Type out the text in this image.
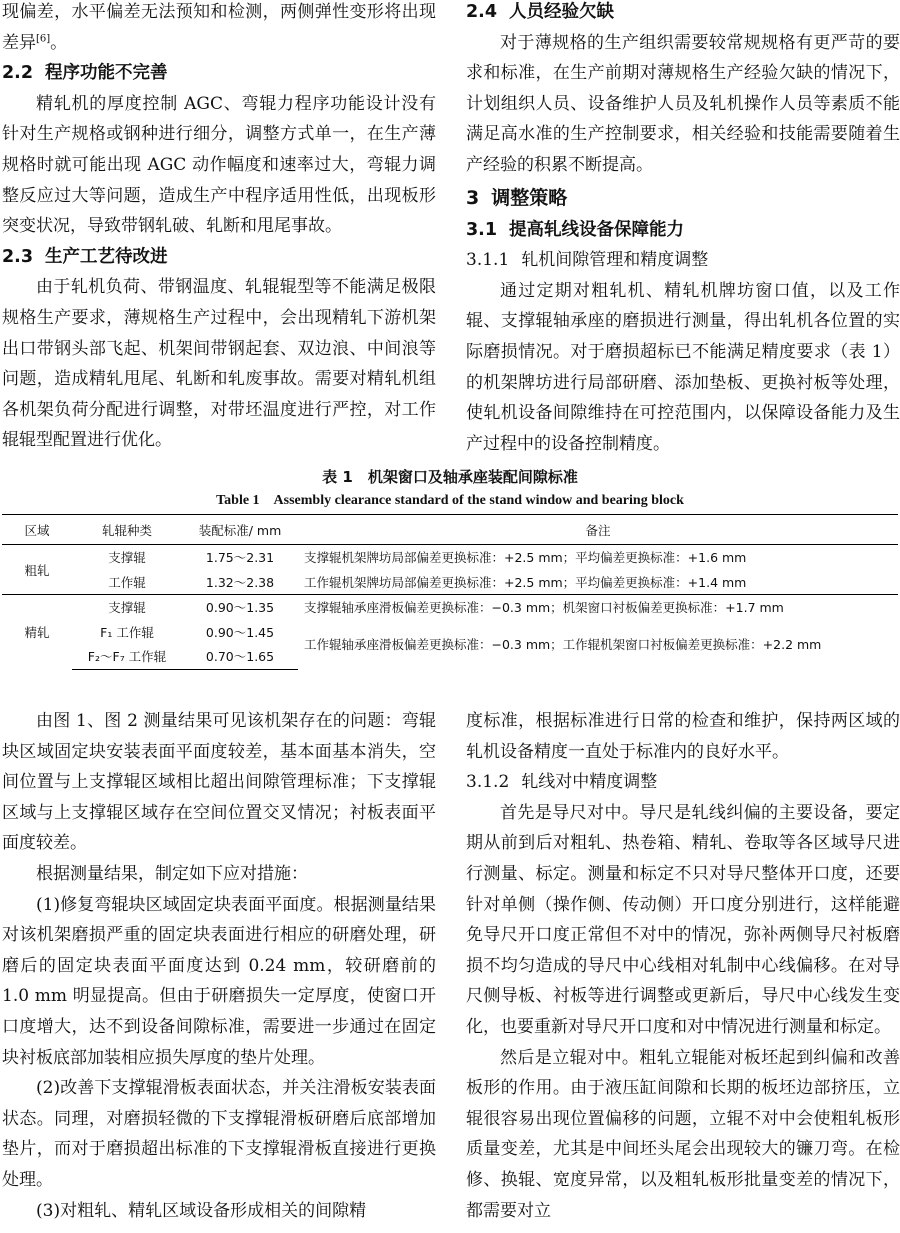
现偏差，水平偏差无法预知和检测，两侧弹性变形将出现差异[6]。

2.2 程序功能不完善

精轧机的厚度控制 AGC、弯辊力程序功能设计没有针对生产规格或钢种进行细分，调整方式单一，在生产薄规格时就可能出现 AGC 动作幅度和速率过大，弯辊力调整反应过大等问题，造成生产中程序适用性低，出现板形突变状况，导致带钢轧破、轧断和甩尾事故。

2.3 生产工艺待改进

由于轧机负荷、带钢温度、轧辊辊型等不能满足极限规格生产要求，薄规格生产过程中，会出现精轧下游机架出口带钢头部飞起、机架间带钢起套、双边浪、中间浪等问题，造成精轧甩尾、轧断和轧废事故。需要对精轧机组各机架负荷分配进行调整，对带坯温度进行严控，对工作辊辊型配置进行优化。

2.4 人员经验欠缺

对于薄规格的生产组织需要较常规规格有更严苛的要求和标准，在生产前期对薄规格生产经验欠缺的情况下，计划组织人员、设备维护人员及轧机操作人员等素质不能满足高水准的生产控制要求，相关经验和技能需要随着生产经验的积累不断提高。

3 调整策略

3.1 提高轧线设备保障能力

3.1.1 轧机间隙管理和精度调整

通过定期对粗轧机、精轧机牌坊窗口值，以及工作辊、支撑辊轴承座的磨损进行测量，得出轧机各位置的实际磨损情况。对于磨损超标已不能满足精度要求（表 1）的机架牌坊进行局部研磨、添加垫板、更换衬板等处理，使轧机设备间隙维持在可控范围内，以保障设备能力及生产过程中的设备控制精度。

表 1　机架窗口及轴承座装配间隙标准
Table 1　Assembly clearance standard of the stand window and bearing block
区域	轧辊种类	装配标准/ mm	备注
粗轧	支撑辊	1.75～2.31	支撑辊机架牌坊局部偏差更换标准：+2.5 mm；平均偏差更换标准：+1.6 mm
	工作辊	1.32～2.38	工作辊机架牌坊局部偏差更换标准：+2.5 mm；平均偏差更换标准：+1.4 mm
精轧	支撑辊	0.90～1.35	支撑辊轴承座滑板偏差更换标准：−0.3 mm；机架窗口衬板偏差更换标准：+1.7 mm
	F₁ 工作辊	0.90～1.45	工作辊轴承座滑板偏差更换标准：−0.3 mm；工作辊机架窗口衬板偏差更换标准：+2.2 mm
	F₂～F₇ 工作辊	0.70～1.65	

由图 1、图 2 测量结果可见该机架存在的问题：弯辊块区域固定块安装表面平面度较差，基本面基本消失，空间位置与上支撑辊区域相比超出间隙管理标准；下支撑辊区域与上支撑辊区域存在空间位置交叉情况；衬板表面平面度较差。

根据测量结果，制定如下应对措施：

(1)修复弯辊块区域固定块表面平面度。根据测量结果对该机架磨损严重的固定块表面进行相应的研磨处理，研磨后的固定块表面平面度达到 0.24 mm，较研磨前的 1.0 mm 明显提高。但由于研磨损失一定厚度，使窗口开口度增大，达不到设备间隙标准，需要进一步通过在固定块衬板底部加装相应损失厚度的垫片处理。

(2)改善下支撑辊滑板表面状态，并关注滑板安装表面状态。同理，对磨损轻微的下支撑辊滑板研磨后底部增加垫片，而对于磨损超出标准的下支撑辊滑板直接进行更换处理。

(3)对粗轧、精轧区域设备形成相关的间隙精

度标准，根据标准进行日常的检查和维护，保持两区域的轧机设备精度一直处于标准内的良好水平。

3.1.2 轧线对中精度调整

首先是导尺对中。导尺是轧线纠偏的主要设备，要定期从前到后对粗轧、热卷箱、精轧、卷取等各区域导尺进行测量、标定。测量和标定不只对导尺整体开口度，还要针对单侧（操作侧、传动侧）开口度分别进行，这样能避免导尺开口度正常但不对中的情况，弥补两侧导尺衬板磨损不均匀造成的导尺中心线相对轧制中心线偏移。在对导尺侧导板、衬板等进行调整或更新后，导尺中心线发生变化，也要重新对导尺开口度和对中情况进行测量和标定。

然后是立辊对中。粗轧立辊能对板坯起到纠偏和改善板形的作用。由于液压缸间隙和长期的板坯边部挤压，立辊很容易出现位置偏移的问题，立辊不对中会使粗轧板形质量变差，尤其是中间坯头尾会出现较大的镰刀弯。在检修、换辊、宽度异常，以及粗轧板形批量变差的情况下，都需要对立
